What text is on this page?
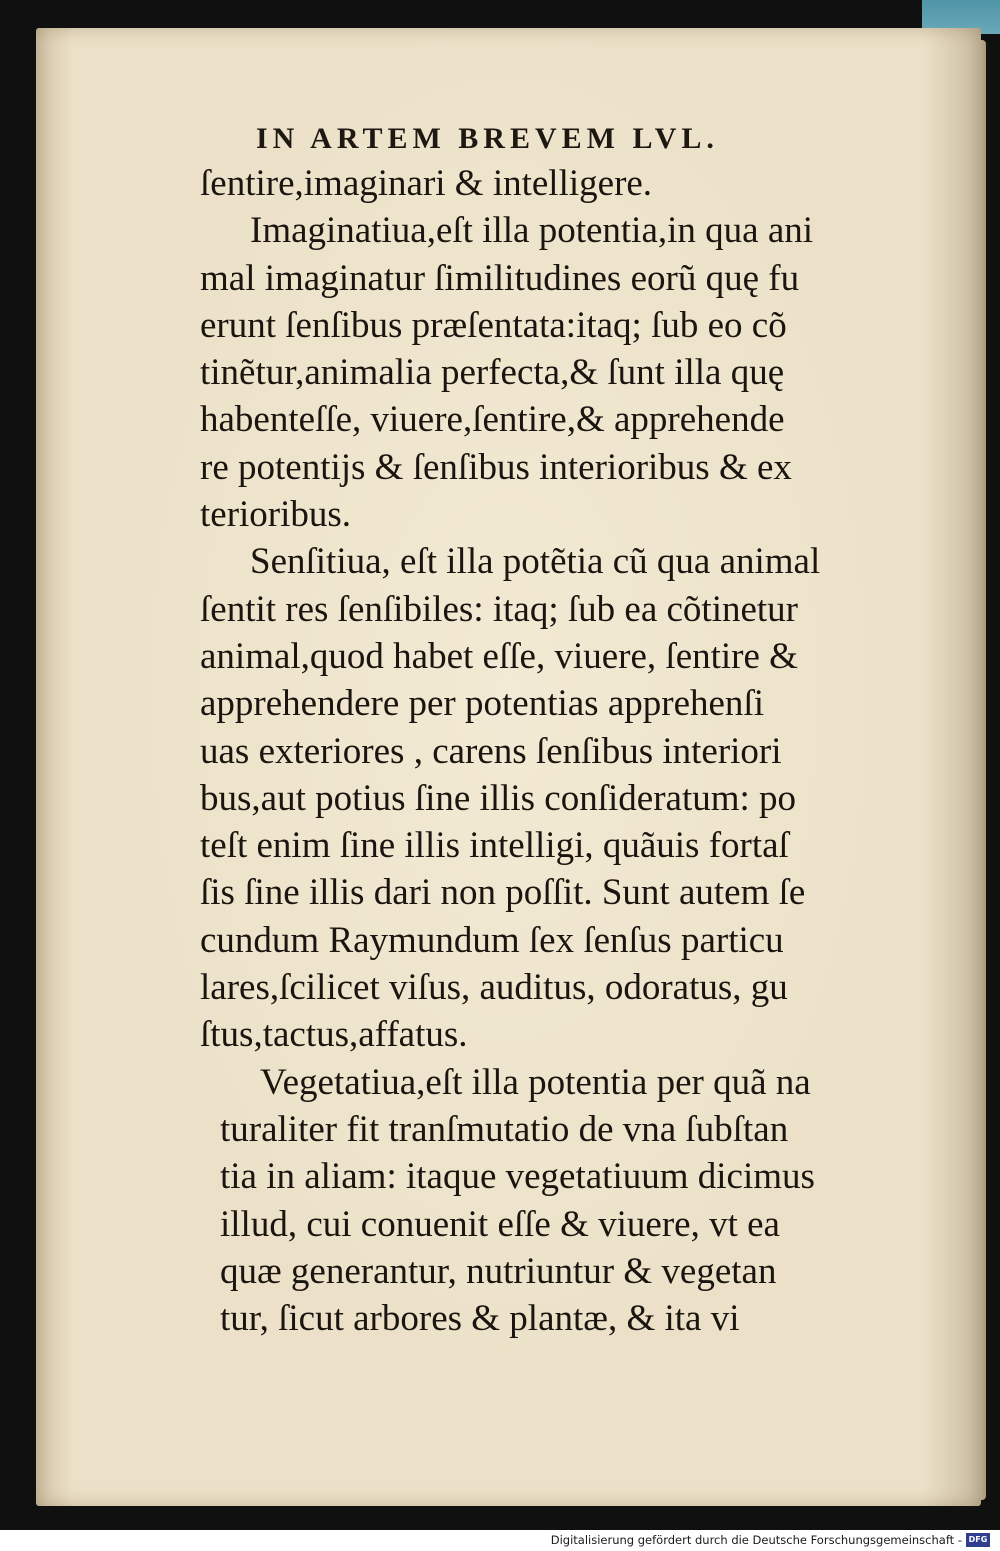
IN ARTEM BREVEM LVL.
ſentire,imaginari & intelligere.
Imaginatiua,eſt illa potentia,in qua ani
mal imaginatur ſimilitudines eorũ quę fu
erunt ſenſibus præſentata:itaq; ſub eo cõ
tinẽtur,animalia perfecta,& ſunt illa quę
habenteſſe, viuere,ſentire,& apprehende
re potentijs & ſenſibus interioribus & ex
terioribus.
Senſitiua, eſt illa potẽtia cũ qua animal
ſentit res ſenſibiles: itaq; ſub ea cõtinetur
animal,quod habet eſſe, viuere, ſentire &
apprehendere per potentias apprehenſi
uas exteriores , carens ſenſibus interiori
bus,aut potius ſine illis conſideratum: po
teſt enim ſine illis intelligi, quãuis fortaſ
ſis ſine illis dari non poſſit. Sunt autem ſe
cundum Raymundum ſex ſenſus particu
lares,ſcilicet viſus, auditus, odoratus, gu
ſtus,tactus,affatus.
Vegetatiua,eſt illa potentia per quã na
turaliter fit tranſmutatio de vna ſubſtan
tia in aliam: itaque vegetatiuum dicimus
illud, cui conuenit eſſe & viuere, vt ea
quæ generantur, nutriuntur & vegetan
tur, ſicut arbores & plantæ, & ita vi
Digitalisierung gefördert durch die Deutsche Forschungsgemeinschaft - DFG
